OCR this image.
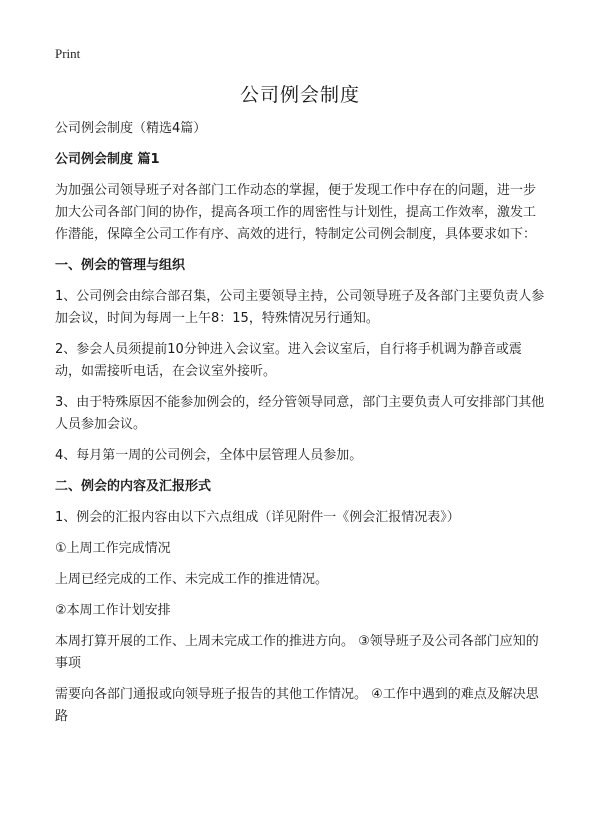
Print
公司例会制度

公司例会制度（精选4篇）

公司例会制度 篇1

为加强公司领导班子对各部门工作动态的掌握，便于发现工作中存在的问题，进一步加大公司各部门间的协作，提高各项工作的周密性与计划性，提高工作效率，激发工作潜能，保障全公司工作有序、高效的进行，特制定公司例会制度，具体要求如下：

一、例会的管理与组织

1、公司例会由综合部召集，公司主要领导主持，公司领导班子及各部门主要负责人参加会议，时间为每周一上午8：15，特殊情况另行通知。

2、参会人员须提前10分钟进入会议室。进入会议室后，自行将手机调为静音或震动，如需接听电话，在会议室外接听。

3、由于特殊原因不能参加例会的，经分管领导同意，部门主要负责人可安排部门其他人员参加会议。

4、每月第一周的公司例会，全体中层管理人员参加。

二、例会的内容及汇报形式

1、例会的汇报内容由以下六点组成（详见附件一《例会汇报情况表》）

①上周工作完成情况

上周已经完成的工作、未完成工作的推进情况。

②本周工作计划安排

本周打算开展的工作、上周未完成工作的推进方向。 ③领导班子及公司各部门应知的事项

需要向各部门通报或向领导班子报告的其他工作情况。 ④工作中遇到的难点及解决思路
